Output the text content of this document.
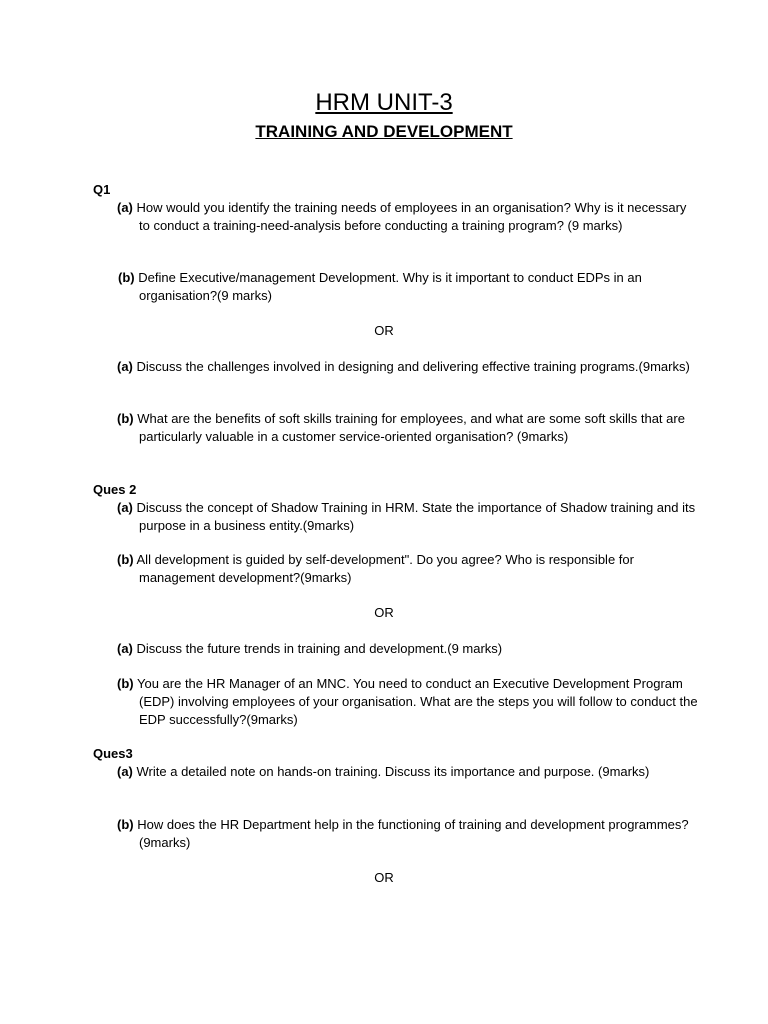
HRM UNIT-3
TRAINING AND DEVELOPMENT

Q1

(a) How would you identify the training needs of employees in an organisation? Why is it necessary to conduct a training-need-analysis before conducting a training program? (9 marks)

(b) Define Executive/management Development. Why is it important to conduct EDPs in an organisation?(9 marks)

OR

(a) Discuss the challenges involved in designing and delivering effective training programs.(9marks)

(b) What are the benefits of soft skills training for employees, and what are some soft skills that are particularly valuable in a customer service-oriented organisation? (9marks)

Ques 2

(a) Discuss the concept of Shadow Training in HRM. State the importance of Shadow training and its purpose in a business entity.(9marks)

(b) All development is guided by self-development". Do you agree? Who is responsible for management development?(9marks)

OR

(a) Discuss the future trends in training and development.(9 marks)

(b) You are the HR Manager of an MNC. You need to conduct an Executive Development Program (EDP) involving employees of your organisation. What are the steps you will follow to conduct the EDP successfully?(9marks)

Ques3

(a) Write a detailed note on hands-on training. Discuss its importance and purpose. (9marks)

(b) How does the HR Department help in the functioning of training and development programmes?(9marks)

OR
